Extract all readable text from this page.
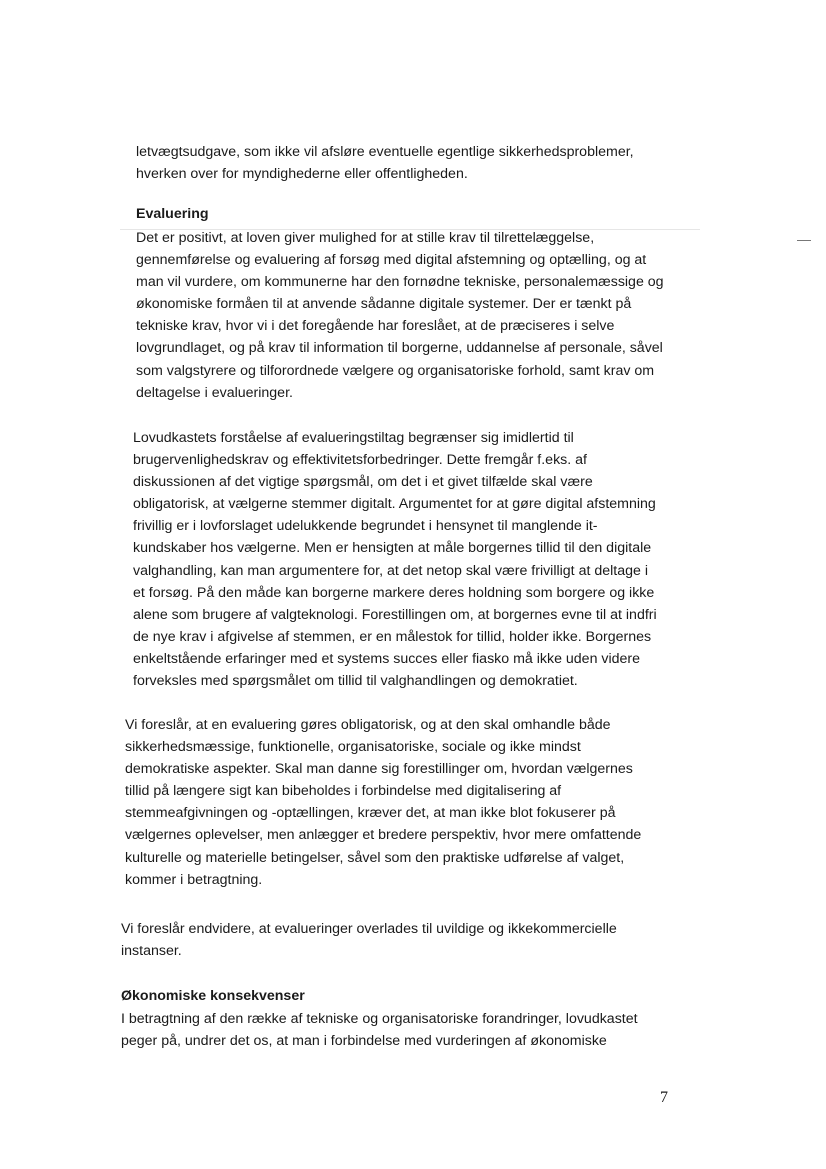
letvægtsudgave, som ikke vil afsløre eventuelle egentlige sikkerhedsproblemer,
hverken over for myndighederne eller offentligheden.

Evaluering

Det er positivt, at loven giver mulighed for at stille krav til tilrettelæggelse,
gennemførelse og evaluering af forsøg med digital afstemning og optælling, og at
man vil vurdere, om kommunerne har den fornødne tekniske, personalemæssige og
økonomiske formåen til at anvende sådanne digitale systemer. Der er tænkt på
tekniske krav, hvor vi i det foregående har foreslået, at de præciseres i selve
lovgrundlaget, og på krav til information til borgerne, uddannelse af personale, såvel
som valgstyrere og tilforordnede vælgere og organisatoriske forhold, samt krav om
deltagelse i evalueringer.

Lovudkastets forståelse af evalueringstiltag begrænser sig imidlertid til
brugervenlighedskrav og effektivitetsforbedringer. Dette fremgår f.eks. af
diskussionen af det vigtige spørgsmål, om det i et givet tilfælde skal være
obligatorisk, at vælgerne stemmer digitalt. Argumentet for at gøre digital afstemning
frivillig er i lovforslaget udelukkende begrundet i hensynet til manglende it-
kundskaber hos vælgerne. Men er hensigten at måle borgernes tillid til den digitale
valghandling, kan man argumentere for, at det netop skal være frivilligt at deltage i
et forsøg. På den måde kan borgerne markere deres holdning som borgere og ikke
alene som brugere af valgteknologi. Forestillingen om, at borgernes evne til at indfri
de nye krav i afgivelse af stemmen, er en målestok for tillid, holder ikke. Borgernes
enkeltstående erfaringer med et systems succes eller fiasko må ikke uden videre
forveksles med spørgsmålet om tillid til valghandlingen og demokratiet.

Vi foreslår, at en evaluering gøres obligatorisk, og at den skal omhandle både
sikkerhedsmæssige, funktionelle, organisatoriske, sociale og ikke mindst
demokratiske aspekter. Skal man danne sig forestillinger om, hvordan vælgernes
tillid på længere sigt kan bibeholdes i forbindelse med digitalisering af
stemmeafgivningen og -optællingen, kræver det, at man ikke blot fokuserer på
vælgernes oplevelser, men anlægger et bredere perspektiv, hvor mere omfattende
kulturelle og materielle betingelser, såvel som den praktiske udførelse af valget,
kommer i betragtning.

Vi foreslår endvidere, at evalueringer overlades til uvildige og ikkekommercielle
instanser.

Økonomiske konsekvenser

I betragtning af den række af tekniske og organisatoriske forandringer, lovudkastet
peger på, undrer det os, at man i forbindelse med vurderingen af økonomiske

7
